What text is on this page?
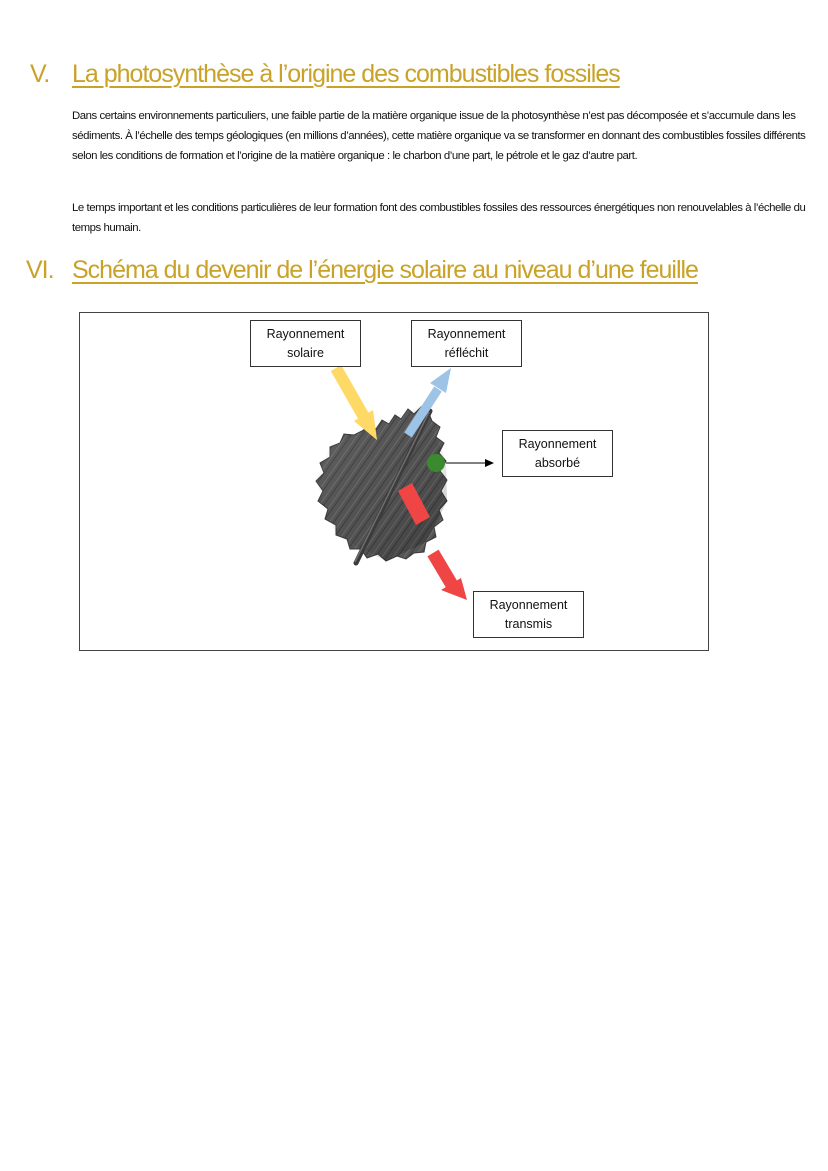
V. La photosynthèse à l’origine des combustibles fossiles

Dans certains environnements particuliers, une faible partie de la matière organique issue de la photosynthèse n’est pas décomposée et s’accumule dans les sédiments. À l’échelle des temps géologiques (en millions d’années), cette matière organique va se transformer en donnant des combustibles fossiles différents selon les conditions de formation et l’origine de la matière organique : le charbon d’une part, le pétrole et le gaz d’autre part.

Le temps important et les conditions particulières de leur formation font des combustibles fossiles des ressources énergétiques non renouvelables à l’échelle du temps humain.

VI. Schéma du devenir de l’énergie solaire au niveau d’une feuille
Rayonnement
solaire
Rayonnement
réfléchit
Rayonnement
absorbé
Rayonnement
transmis
